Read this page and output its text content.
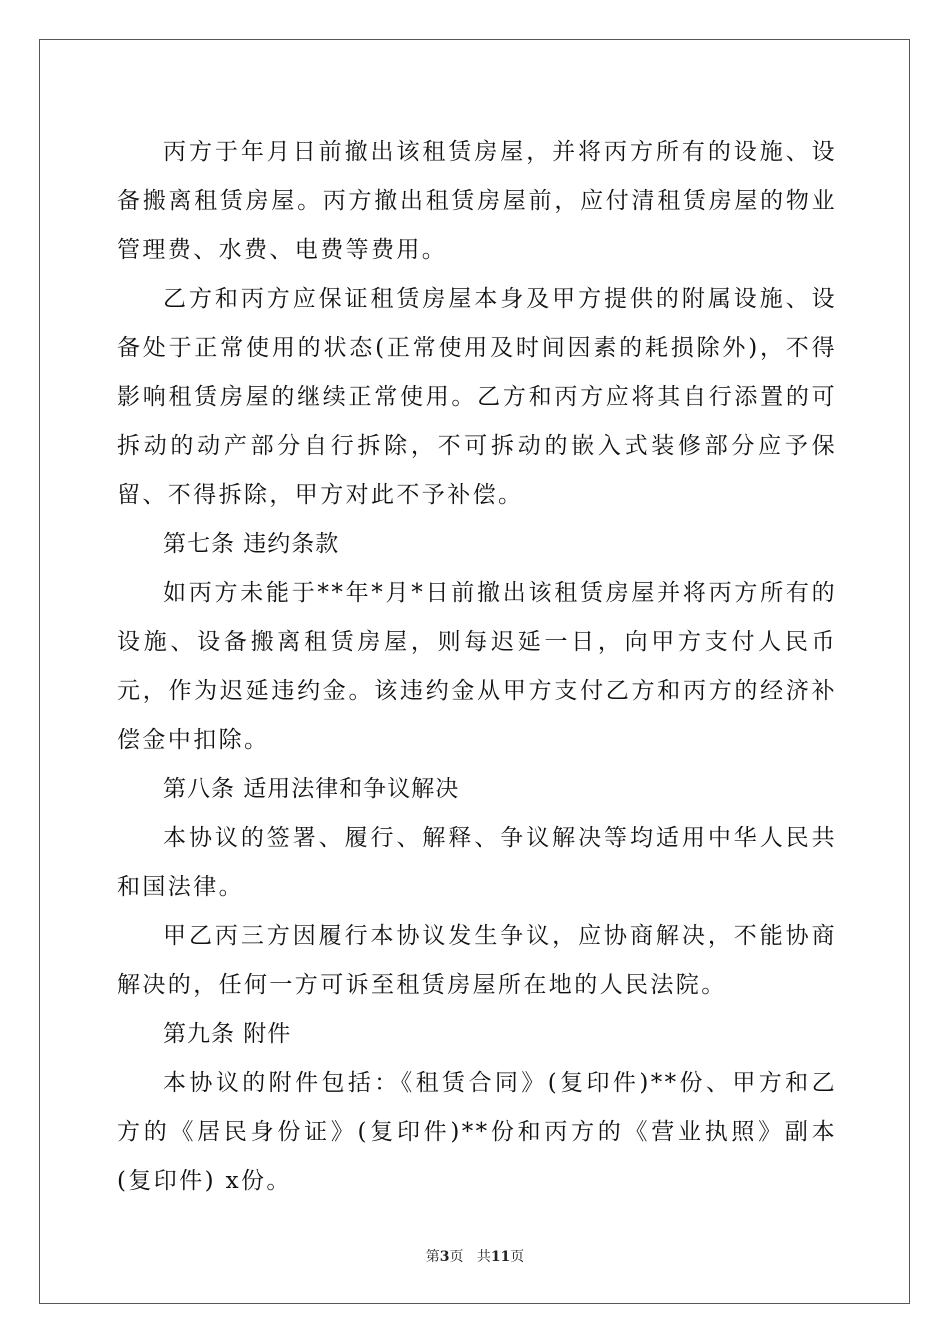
丙方于年月日前撤出该租赁房屋，并将丙方所有的设施、设备搬离租赁房屋。丙方撤出租赁房屋前，应付清租赁房屋的物业管理费、水费、电费等费用。

乙方和丙方应保证租赁房屋本身及甲方提供的附属设施、设备处于正常使用的状态(正常使用及时间因素的耗损除外)，不得影响租赁房屋的继续正常使用。乙方和丙方应将其自行添置的可拆动的动产部分自行拆除，不可拆动的嵌入式装修部分应予保留、不得拆除，甲方对此不予补偿。

第七条 违约条款

如丙方未能于**年*月*日前撤出该租赁房屋并将丙方所有的设施、设备搬离租赁房屋，则每迟延一日，向甲方支付人民币 元，作为迟延违约金。该违约金从甲方支付乙方和丙方的经济补偿金中扣除。

第八条 适用法律和争议解决

本协议的签署、履行、解释、争议解决等均适用中华人民共和国法律。

甲乙丙三方因履行本协议发生争议，应协商解决，不能协商解决的，任何一方可诉至租赁房屋所在地的人民法院。

第九条 附件

本协议的附件包括：《租赁合同》(复印件)**份、甲方和乙方的《居民身份证》(复印件)**份和丙方的《营业执照》副本(复印件) x份。

第3页 共11页
